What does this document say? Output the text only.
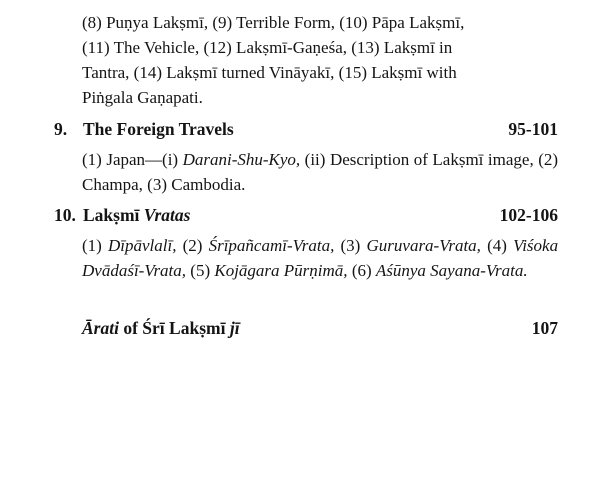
(8) Puṇya Lakṣmī, (9) Terrible Form, (10) Pāpa Lakṣmī,
(11) The Vehicle, (12) Lakṣmī-Gaṇeśa, (13) Lakṣmī in
Tantra, (14) Lakṣmī turned Vināyakī, (15) Lakṣmī with
Piṅgala Gaṇapati.
9. The Foreign Travels	95-101
(1) Japan—(i) Darani-Shu-Kyo, (ii) Description of Lakṣmī image, (2) Champa, (3) Cambodia.
10. Lakṣmī Vratas	102-106
(1) Dīpāvlalī, (2) Śrīpañcamī-Vrata, (3) Guruvara-Vrata, (4) Viśoka Dvādaśī-Vrata, (5) Kojāgara Pūrṇimā, (6) Aśūnya Sayana-Vrata.
Ārati of Śrī Lakṣmī jī	107
